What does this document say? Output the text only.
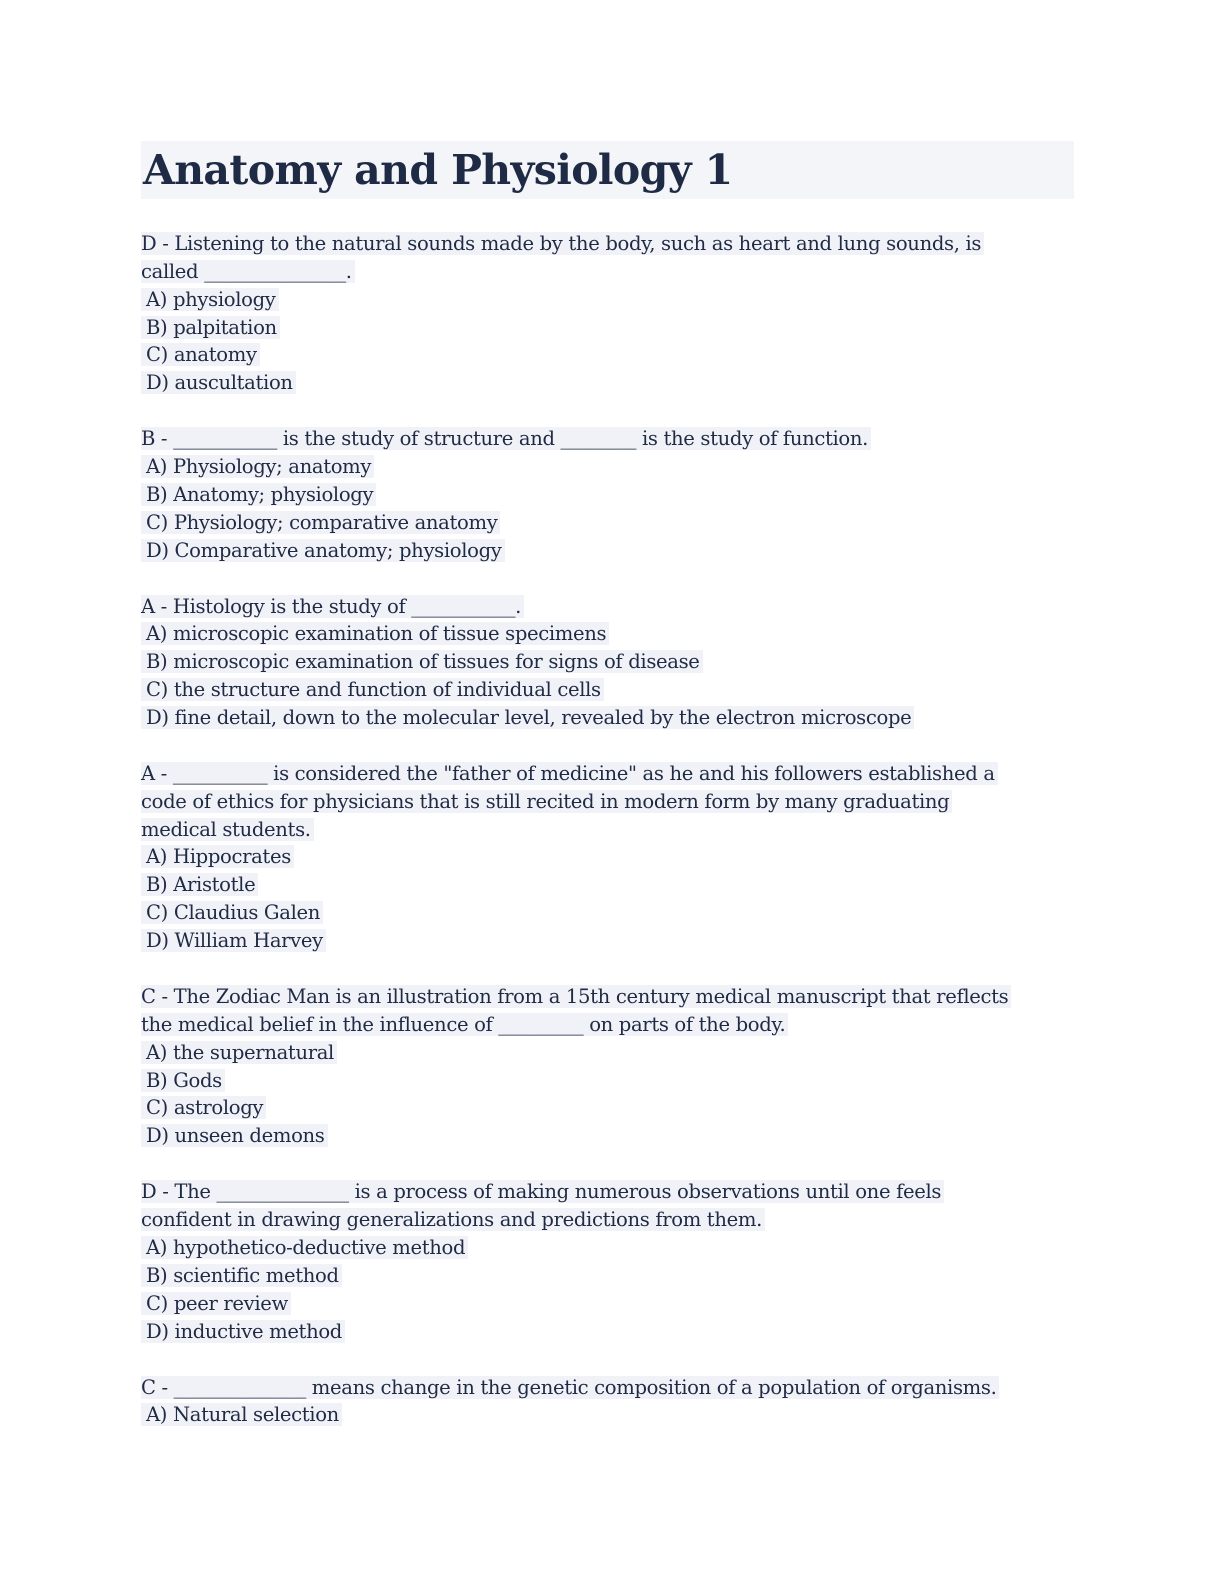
Anatomy and Physiology 1
D - Listening to the natural sounds made by the body, such as heart and lung sounds, is
called _______________.
A) physiology
B) palpitation
C) anatomy
D) auscultation
B - ___________ is the study of structure and ________ is the study of function.
A) Physiology; anatomy
B) Anatomy; physiology
C) Physiology; comparative anatomy
D) Comparative anatomy; physiology
A - Histology is the study of ___________.
A) microscopic examination of tissue specimens
B) microscopic examination of tissues for signs of disease
C) the structure and function of individual cells
D) fine detail, down to the molecular level, revealed by the electron microscope
A - __________ is considered the "father of medicine" as he and his followers established a
code of ethics for physicians that is still recited in modern form by many graduating
medical students.
A) Hippocrates
B) Aristotle
C) Claudius Galen
D) William Harvey
C - The Zodiac Man is an illustration from a 15th century medical manuscript that reflects
the medical belief in the influence of _________ on parts of the body.
A) the supernatural
B) Gods
C) astrology
D) unseen demons
D - The ______________ is a process of making numerous observations until one feels
confident in drawing generalizations and predictions from them.
A) hypothetico-deductive method
B) scientific method
C) peer review
D) inductive method
C - ______________ means change in the genetic composition of a population of organisms.
A) Natural selection
